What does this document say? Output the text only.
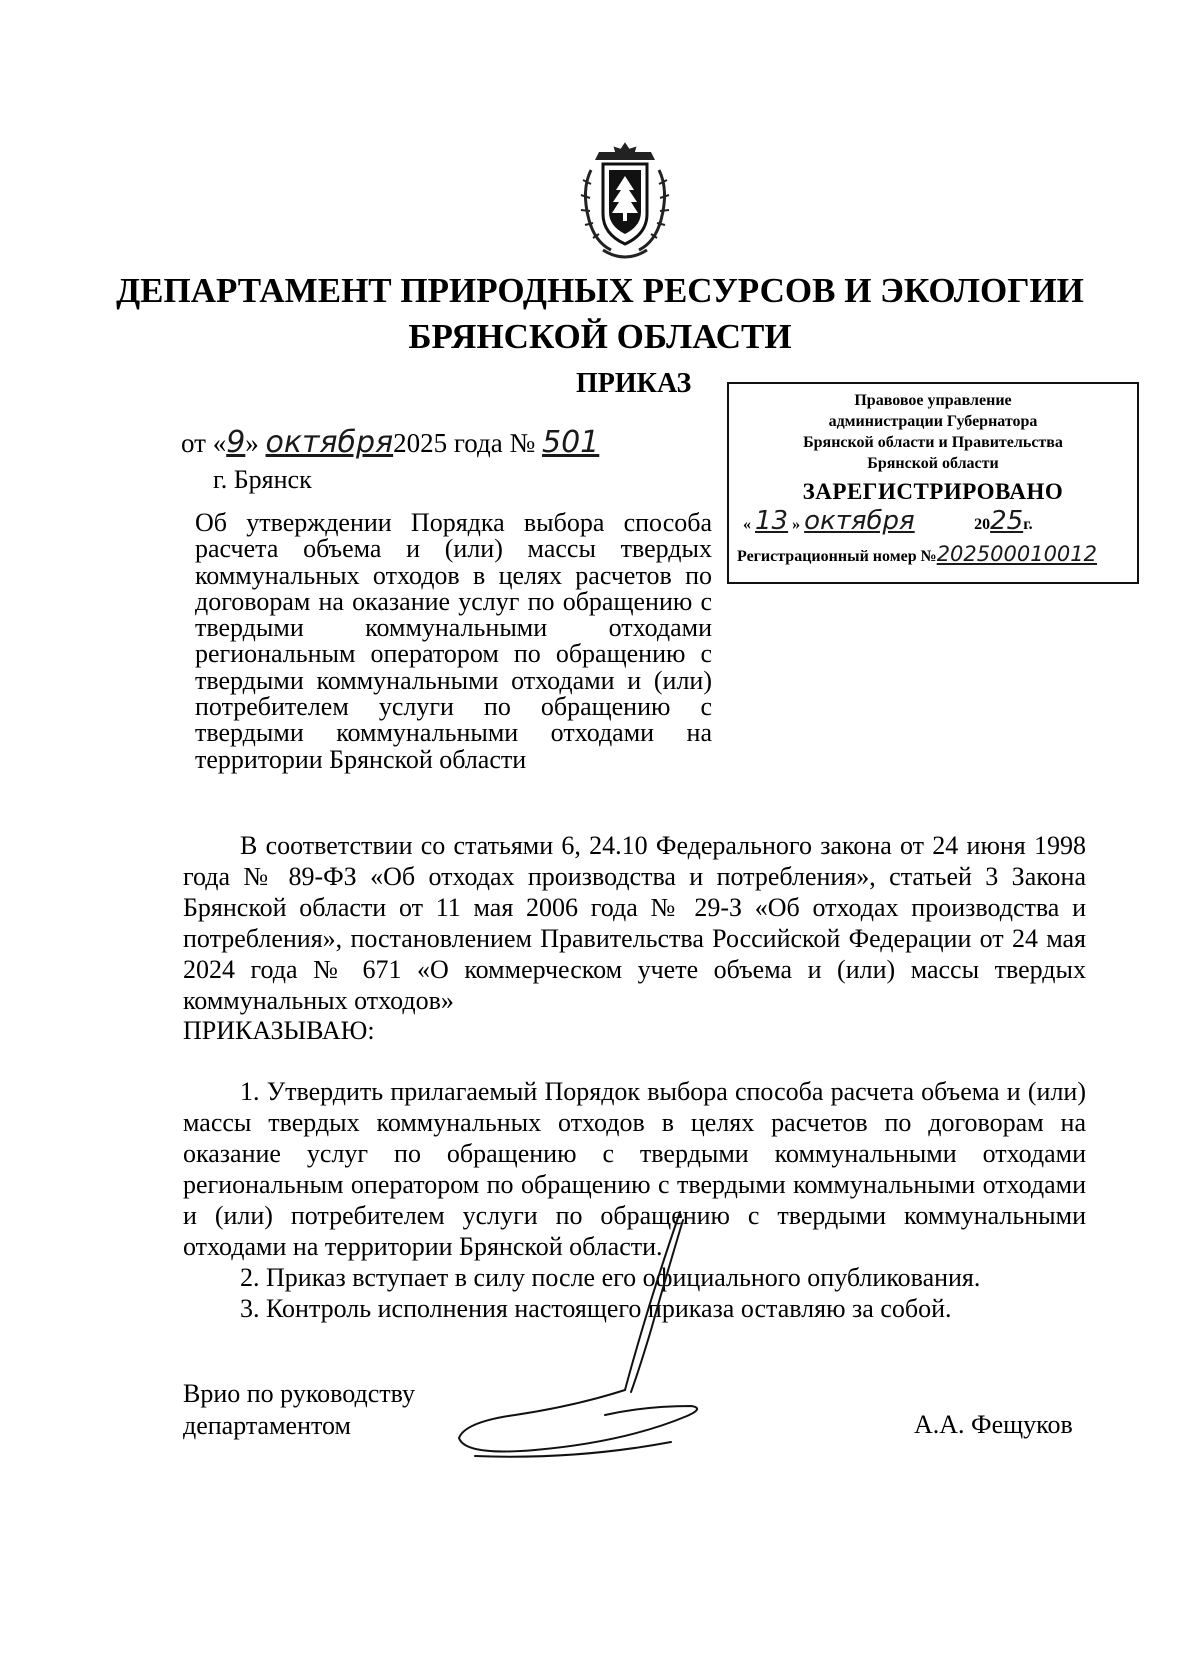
ДЕПАРТАМЕНТ ПРИРОДНЫХ РЕСУРСОВ И ЭКОЛОГИИ
БРЯНСКОЙ ОБЛАСТИ
ПРИКАЗ
от «9» октября2025 года № 501
г. Брянск
Об утверждении Порядка выбора способа расчета объема и (или) массы твердых коммунальных отходов в целях расчетов по договорам на оказание услуг по обращению с твердыми коммунальными отходами региональным оператором по обращению с твердыми коммунальными отходами и (или) потребителем услуги по обращению с твердыми коммунальными отходами на территории Брянской области
Правовое управление
администрации Губернатора
Брянской области и Правительства
Брянской области
ЗАРЕГИСТРИРОВАНО
« 13 » октября	2025г.
Регистрационный номер №202500010012
В соответствии со статьями 6, 24.10 Федерального закона от 24 июня 1998 года № 89-ФЗ «Об отходах производства и потребления», статьей 3 Закона Брянской области от 11 мая 2006 года № 29-З «Об отходах производства и потребления», постановлением Правительства Российской Федерации от 24 мая 2024 года № 671 «О коммерческом учете объема и (или) массы твердых коммунальных отходов»
ПРИКАЗЫВАЮ:
1. Утвердить прилагаемый Порядок выбора способа расчета объема и (или) массы твердых коммунальных отходов в целях расчетов по договорам на оказание услуг по обращению с твердыми коммунальными отходами региональным оператором по обращению с твердыми коммунальными отходами и (или) потребителем услуги по обращению с твердыми коммунальными отходами на территории Брянской области.
2. Приказ вступает в силу после его официального опубликования.
3. Контроль исполнения настоящего приказа оставляю за собой.
Врио по руководству
департаментом	А.А. Фещуков
